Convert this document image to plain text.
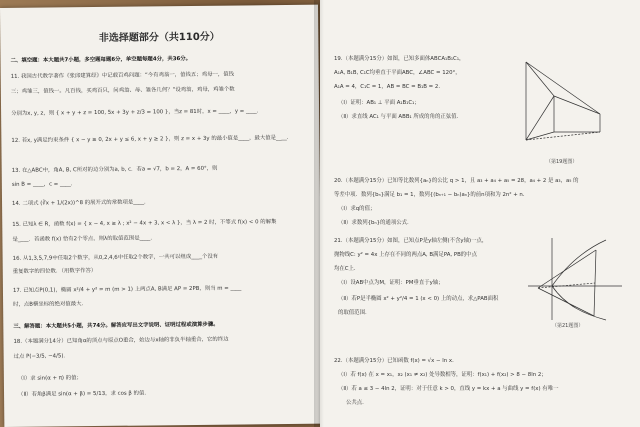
非选择题部分（共110分）
二、填空题：本大题共7小题，多空题每题6分，单空题每题4分，共36分。
11. 我国古代数学著作《张邱建算经》中记载百鸡问题：“今有鸡翁一，值钱五；鸡母一，值钱
三；鸡雏三，值钱一。凡百钱，买鸡百只，问鸡翁、母、雏各几何？”设鸡翁，鸡母，鸡雏个数
分别为x, y, z，则 { x + y + z = 100, 5x + 3y + z/3 = 100 }，当z = 81时，x = ____，y = ____.
12. 若x, y满足约束条件 { x − y ≥ 0, 2x + y ≤ 6, x + y ≥ 2 }，则 z = x + 3y 的最小值是____，最大值是____.
13. 在△ABC中，角A, B, C所对的边分别为a, b, c．若a = √7，b = 2，A = 60°，则
sin B = ____，c = ____.
14. 二项式 (∛x + 1/(2x))^8 的展开式的常数项是____.
15. 已知λ ∈ R，函数 f(x) = { x − 4, x ≥ λ ; x² − 4x + 3, x < λ }，当 λ = 2 时，不等式 f(x) < 0 的解集
是____．若函数 f(x) 恰有2个零点，则λ的取值范围是____.
16. 从1,3,5,7,9中任取2个数字，从0,2,4,6中任取2个数字，一共可以组成____个没有
重复数字的四位数．（用数字作答）
17. 已知点P(0,1)，椭圆 x²/4 + y² = m (m > 1) 上两点A, B满足 AP = 2PB，则当 m = ____
时，点B横坐标的绝对值最大.
三、解答题：本大题共5小题，共74分。解答应写出文字说明、证明过程或演算步骤。
18.（本题满分14分）已知角α的顶点与原点O重合，始边与x轴的非负半轴重合，它的终边
过点 P(−3/5, −4/5)．
（Ⅰ）求 sin(α + π) 的值；
（Ⅱ）若角β满足 sin(α + β) = 5/13，求 cos β 的值.
19.（本题满分15分）如图，已知多面体ABCA₁B₁C₁，
A₁A, B₁B, C₁C均垂直于平面ABC，∠ABC = 120°，
A₁A = 4，C₁C = 1，AB = BC = B₁B = 2．
（Ⅰ）证明：AB₁ ⊥ 平面 A₁B₁C₁；
（Ⅱ）求直线 AC₁ 与平面 ABB₁ 所成的角的正弦值.
（第19题图）
20.（本题满分15分）已知等比数列{aₙ}的公比 q > 1，且 a₃ + a₄ + a₅ = 28，a₄ + 2 是 a₃，a₅ 的
等差中项．数列{bₙ}满足 b₁ = 1，数列{(bₙ₊₁ − bₙ)aₙ}的前n项和为 2n² + n．
（Ⅰ）求q的值；
（Ⅱ）求数列{bₙ}的通项公式.
21.（本题满分15分）如图，已知点P是y轴左侧(不含y轴)一点，
抛物线C: y² = 4x 上存在不同的两点A, B满足PA, PB的中点
均在C上．
（Ⅰ）设AB中点为M，证明：PM垂直于y轴；
（Ⅱ）若P是半椭圆 x² + y²/4 = 1 (x < 0) 上的动点，求△PAB面积
的取值范围.
（第21题图）
22.（本题满分15分）已知函数 f(x) = √x − ln x．
（Ⅰ）若 f(x) 在 x = x₁，x₂ (x₁ ≠ x₂) 处导数相等，证明：f(x₁) + f(x₂) > 8 − 8ln 2；
（Ⅱ）若 a ≤ 3 − 4ln 2，证明：对于任意 k > 0，直线 y = kx + a 与曲线 y = f(x) 有唯一
公共点.
